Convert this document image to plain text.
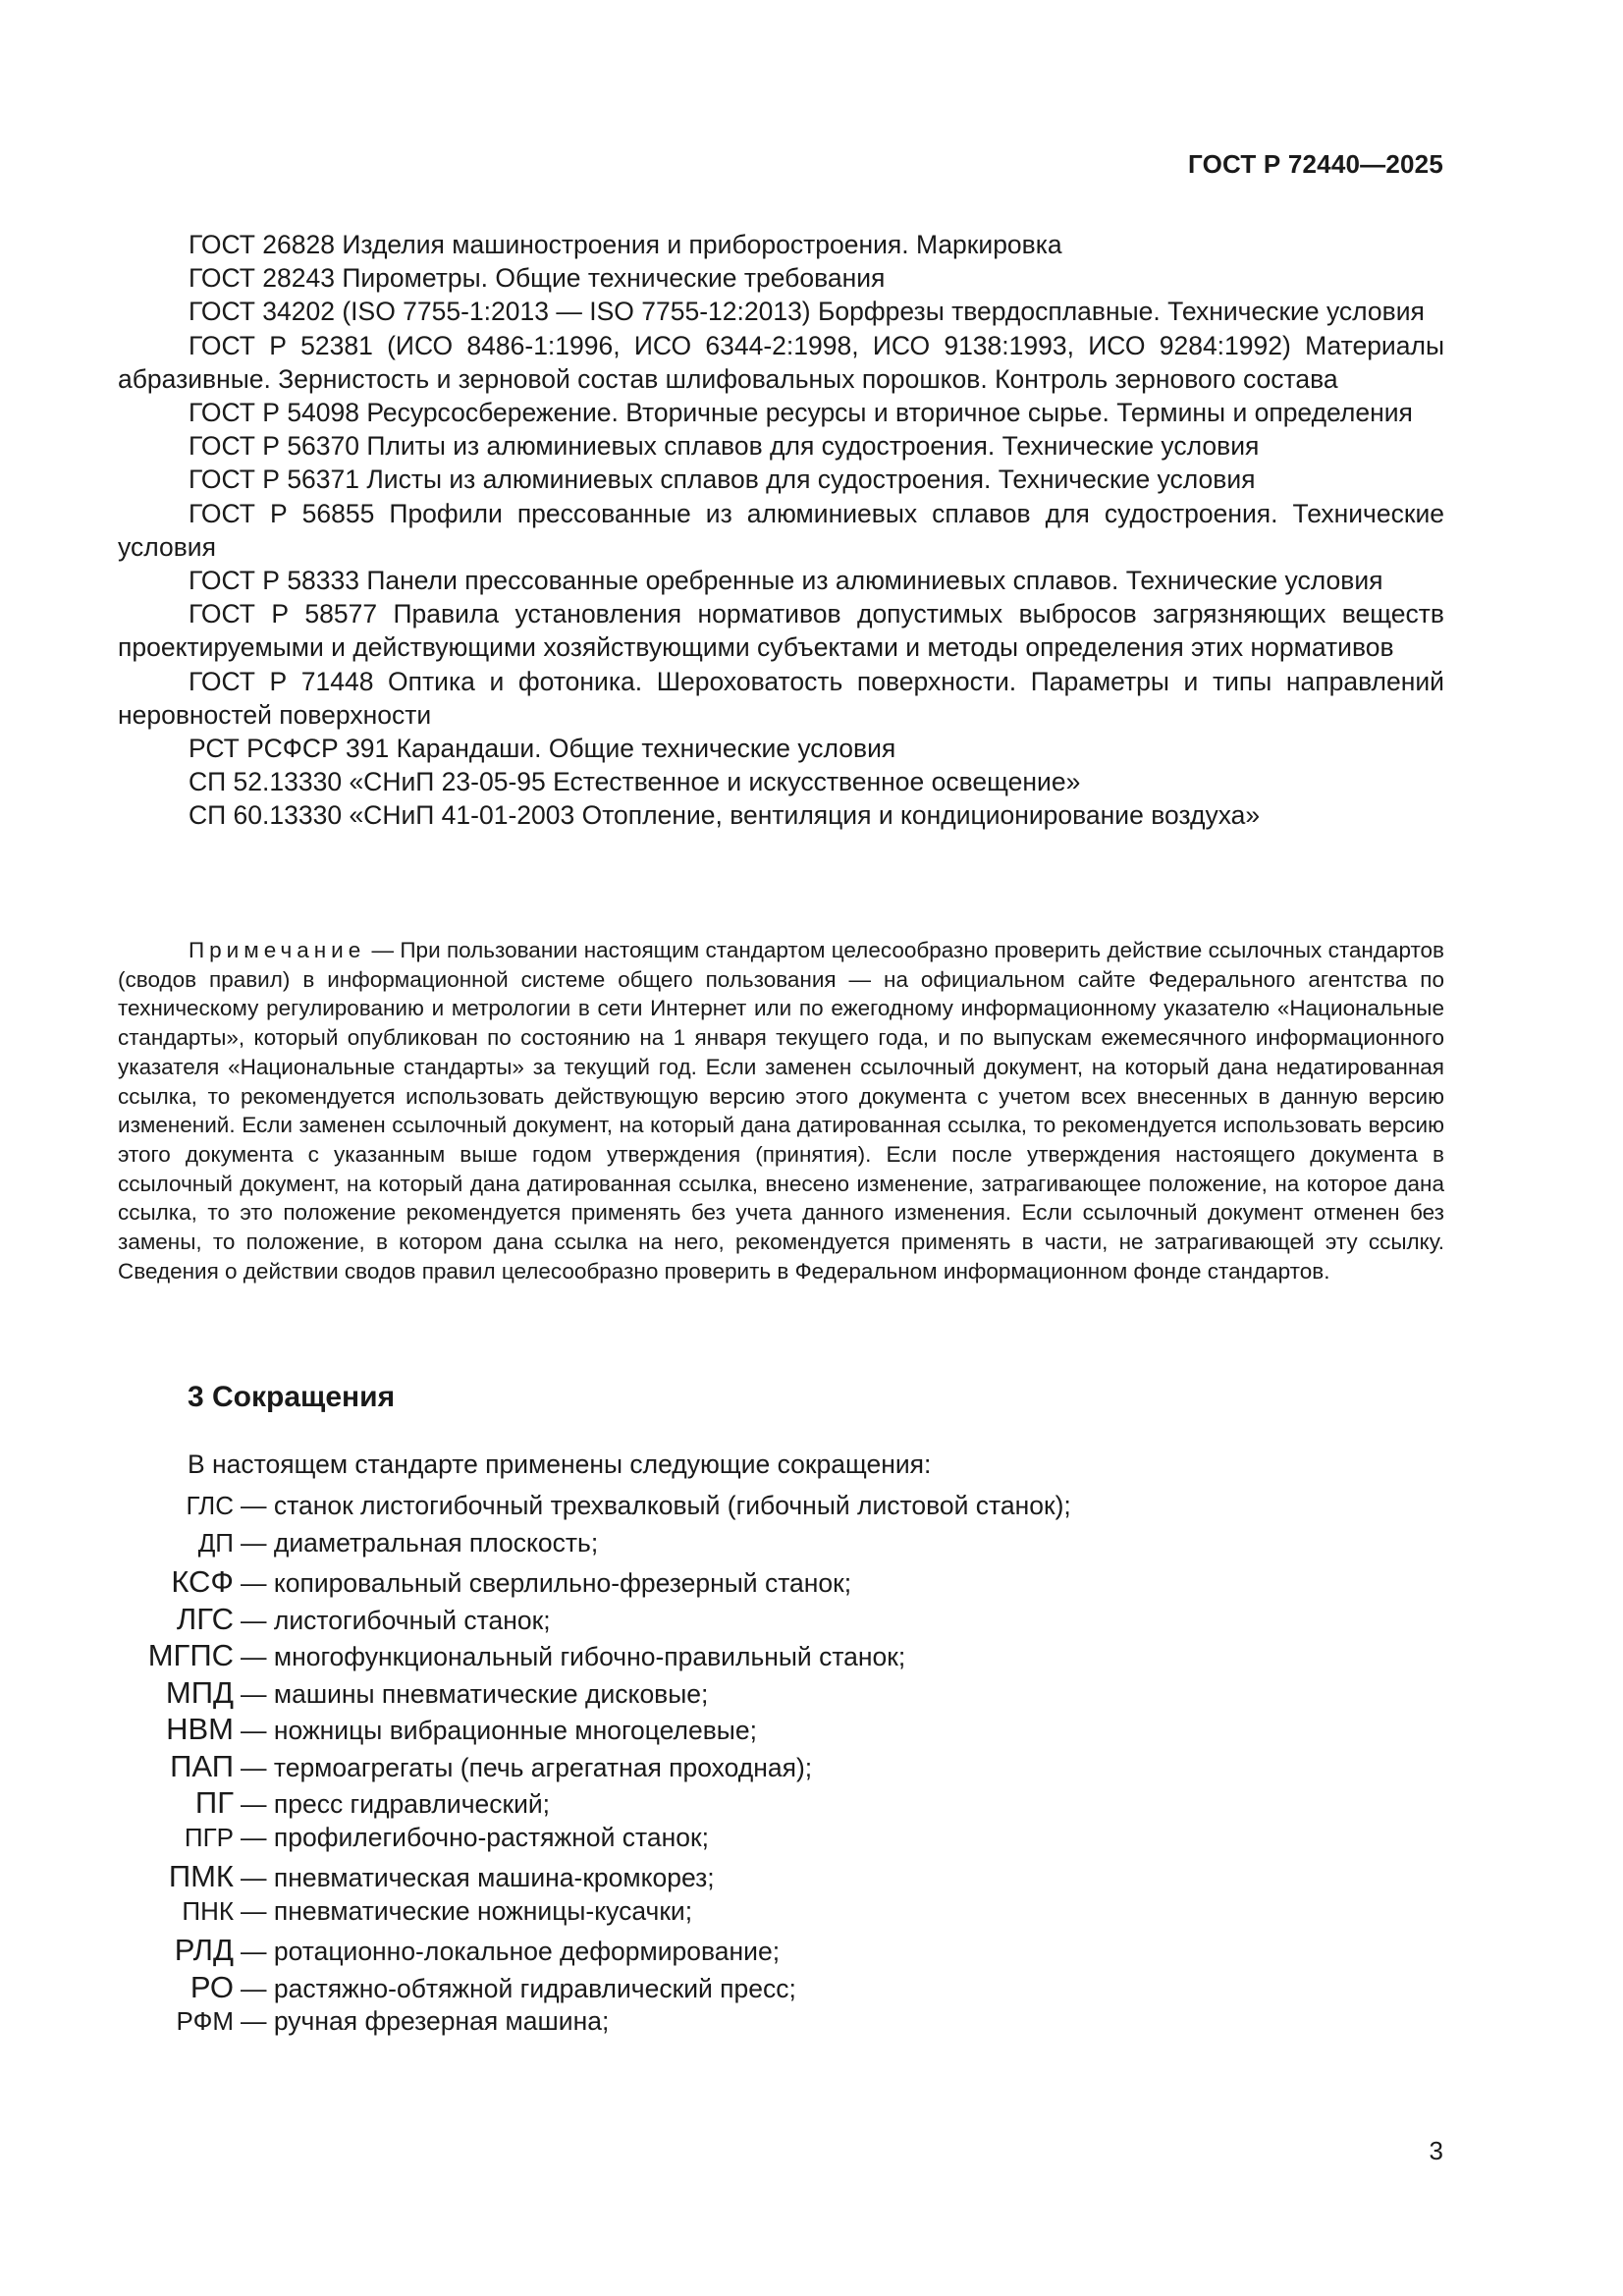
ГОСТ Р 72440—2025
ГОСТ 26828 Изделия машиностроения и приборостроения. Маркировка
ГОСТ 28243 Пирометры. Общие технические требования
ГОСТ 34202 (ISO 7755-1:2013 — ISO 7755-12:2013) Борфрезы твердосплавные. Технические условия
ГОСТ Р 52381 (ИСО 8486-1:1996, ИСО 6344-2:1998, ИСО 9138:1993, ИСО 9284:1992) Материалы абразивные. Зернистость и зерновой состав шлифовальных порошков. Контроль зернового состава
ГОСТ Р 54098 Ресурсосбережение. Вторичные ресурсы и вторичное сырье. Термины и определения
ГОСТ Р 56370 Плиты из алюминиевых сплавов для судостроения. Технические условия
ГОСТ Р 56371 Листы из алюминиевых сплавов для судостроения. Технические условия
ГОСТ Р 56855 Профили прессованные из алюминиевых сплавов для судостроения. Технические условия
ГОСТ Р 58333 Панели прессованные оребренные из алюминиевых сплавов. Технические условия
ГОСТ Р 58577 Правила установления нормативов допустимых выбросов загрязняющих веществ проектируемыми и действующими хозяйствующими субъектами и методы определения этих нормативов
ГОСТ Р 71448 Оптика и фотоника. Шероховатость поверхности. Параметры и типы направлений неровностей поверхности
РСТ РСФСР 391 Карандаши. Общие технические условия
СП 52.13330 «СНиП 23-05-95 Естественное и искусственное освещение»
СП 60.13330 «СНиП 41-01-2003 Отопление, вентиляция и кондиционирование воздуха»
Примечание — При пользовании настоящим стандартом целесообразно проверить действие ссылочных стандартов (сводов правил) в информационной системе общего пользования — на официальном сайте Федерального агентства по техническому регулированию и метрологии в сети Интернет или по ежегодному информационному указателю «Национальные стандарты», который опубликован по состоянию на 1 января текущего года, и по выпускам ежемесячного информационного указателя «Национальные стандарты» за текущий год. Если заменен ссылочный документ, на который дана недатированная ссылка, то рекомендуется использовать действующую версию этого документа с учетом всех внесенных в данную версию изменений. Если заменен ссылочный документ, на который дана датированная ссылка, то рекомендуется использовать версию этого документа с указанным выше годом утверждения (принятия). Если после утверждения настоящего документа в ссылочный документ, на который дана датированная ссылка, внесено изменение, затрагивающее положение, на которое дана ссылка, то это положение рекомендуется применять без учета данного изменения. Если ссылочный документ отменен без замены, то положение, в котором дана ссылка на него, рекомендуется применять в части, не затрагивающей эту ссылку. Сведения о действии сводов правил целесообразно проверить в Федеральном информационном фонде стандартов.
3 Сокращения
В настоящем стандарте применены следующие сокращения:
ГЛС — станок листогибочный трехвалковый (гибочный листовой станок);
ДП — диаметральная плоскость;
КСФ — копировальный сверлильно-фрезерный станок;
ЛГС — листогибочный станок;
МГПС — многофункциональный гибочно-правильный станок;
МПД — машины пневматические дисковые;
НВМ — ножницы вибрационные многоцелевые;
ПАП — термоагрегаты (печь агрегатная проходная);
ПГ — пресс гидравлический;
ПГР — профилегибочно-растяжной станок;
ПМК — пневматическая машина-кромкорез;
ПНК — пневматические ножницы-кусачки;
РЛД — ротационно-локальное деформирование;
РО — растяжно-обтяжной гидравлический пресс;
РФМ — ручная фрезерная машина;
3
